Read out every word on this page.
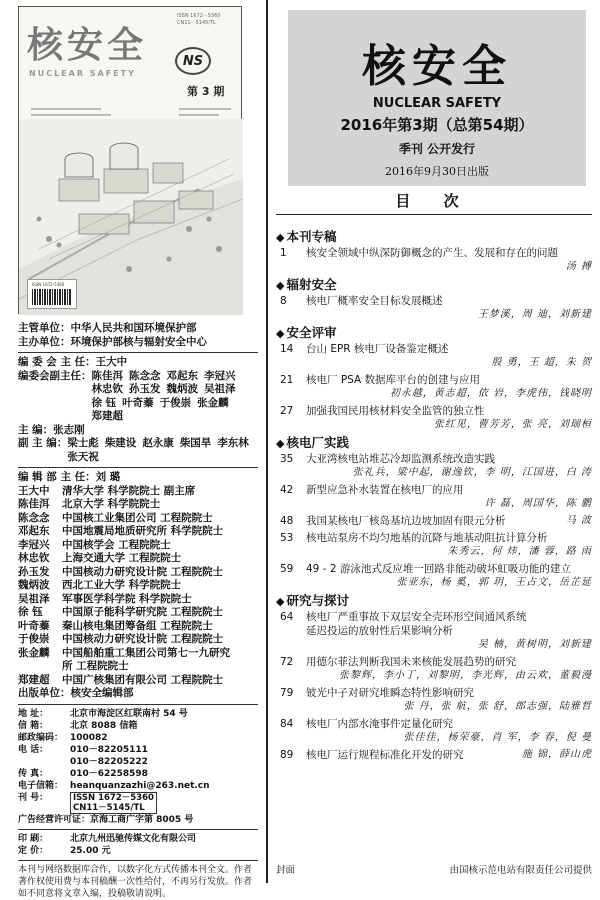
核安全
NUCLEAR SAFETY
ISSN 1672－5360
CN11－5145/TL
NS
第 3 期
ISSN 1672-5360
主管单位： 中华人民共和国环境保护部
主办单位： 环境保护部核与辐射安全中心
编 委 会 主 任： 王大中
编委会副主任： 陈佳洱 陈念念 邓起东 李冠兴
林忠钦 孙玉发 魏炳波 吴祖泽
徐 钰 叶奇蓁 于俊崇 张金麟
郑建超
主 编： 张志刚
副 主 编： 梁士彪 柴建设 赵永康 柴国旱 李东林
张天祝
编 辑 部 主 任： 刘 璐
王大中	清华大学 科学院院士 副主席
陈佳洱	北京大学 科学院院士
陈念念	中国核工业集团公司 工程院院士
邓起东	中国地震局地质研究所 科学院院士
李冠兴	中国核学会 工程院院士
林忠钦	上海交通大学 工程院院士
孙玉发	中国核动力研究设计院 工程院院士
魏炳波	西北工业大学 科学院院士
吴祖泽	军事医学科学院 科学院院士
徐 钰	中国原子能科学研究院 工程院院士
叶奇蓁	秦山核电集团筹备组 工程院院士
于俊崇	中国核动力研究设计院 工程院院士
张金麟	中国船舶重工集团公司第七一九研究
所 工程院院士
郑建超	中国广核集团有限公司 工程院院士
出版单位： 核安全编辑部
地 址：	北京市海淀区红联南村 54 号
信 箱：	北京 8088 信箱
邮政编码： 100082
电 话：	010－82205111
010－82205222
传 真：	010－62258598
电子信箱： heanquanzazhi@263.net.cn
刊 号：	ISSN 1672－5360
CN11－5145/TL
广告经营许可证：京海工商广字第 8005 号
印 刷：	北京九州迅驰传媒文化有限公司
定 价：	25.00 元
本刊与网络数据库合作，以数字化方式传播本刊全文。作者著作权使用费与本刊稿酬一次性给付，不再另行发放。作者如不同意将文章入编，投稿敬请说明。
核安全
NUCLEAR SAFETY
2016年第3期（总第54期）
季刊 公开发行
2016年9月30日出版
目 次
◆ 本刊专稿
1	核安全领域中纵深防御概念的产生、发展和存在的问题
汤 搏
◆ 辐射安全
8	核电厂概率安全目标发展概述
王梦溪，周 迪，刘新建
◆ 安全评审
14	台山 EPR 核电厂设备鉴定概述
殷 勇，王 超，朱 贺
21	核电厂 PSA 数据库平台的创建与应用
初永越，黄志超，依 岩，李虎伟，钱晓明
27	加强我国民用核材料安全监管的独立性
张红见，曹芳芳，张 亮，刘瑞桓
◆ 核电厂实践
35	大亚湾核电站堆芯冷却监测系统改造实践
张礼兵，梁中起，谢逸钦，李 明，江国进，白 涛
42	新型应急补水装置在核电厂的应用
许 磊，周国华，陈 鹏
48	我国某核电厂核岛基坑边坡加固有限元分析	马 波
53	核电站泵房不均匀地基的沉降与地基动阻抗计算分析
朱秀云，何 炜，潘 蓉，路 雨
59	49 - 2 游泳池式反应堆一回路非能动破坏虹吸功能的建立
张亚东，杨 奚，郭 玥，王占文，岳芷延
◆ 研究与探讨
64	核电厂严重事故下双层安全壳环形空间通风系统
延迟投运的放射性后果影响分析
吴 楠，黄树明，刘新建
72	用德尔菲法判断我国未来核能发展趋势的研究
张黎辉，李小丁，刘黎明，李光辉，由云欢，董毅漫
79	铍光中子对研究堆瞬态特性影响研究
张 丹，张 航，张 舒，郎志强，陆雅哲
84	核电厂内部水淹事件定量化研究
张佳佳，杨荣豪，肖 军，李 春，倪 曼
89	核电厂运行规程标准化开发的研究	施 锦，薛山虎
封面	由国核示范电站有限责任公司提供
